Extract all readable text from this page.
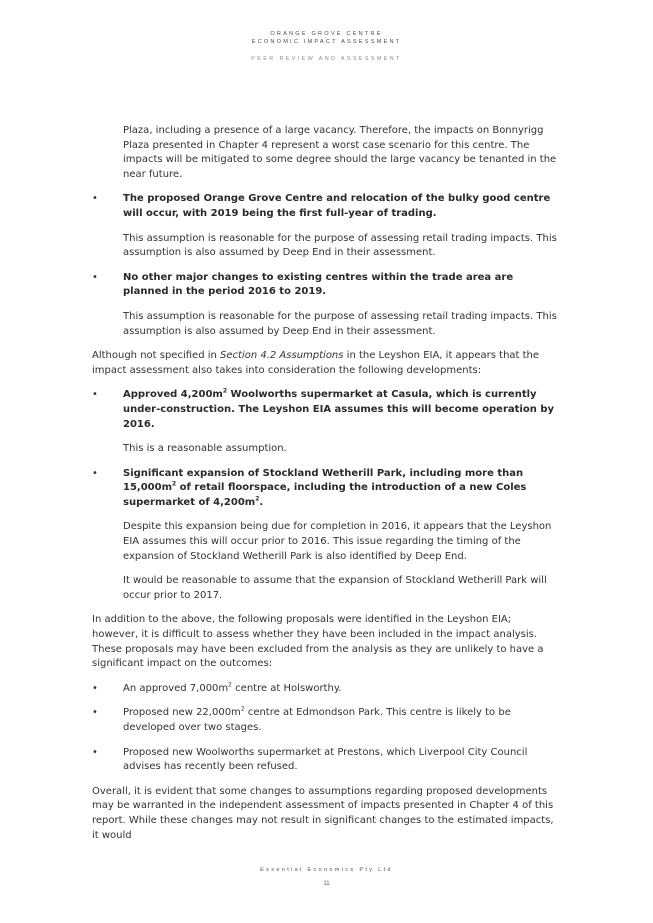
ORANGE GROVE CENTRE
ECONOMIC IMPACT ASSESSMENT
PEER REVIEW AND ASSESSMENT

Plaza, including a presence of a large vacancy. Therefore, the impacts on Bonnyrigg Plaza presented in Chapter 4 represent a worst case scenario for this centre. The impacts will be mitigated to some degree should the large vacancy be tenanted in the near future.

•	The proposed Orange Grove Centre and relocation of the bulky good centre will occur, with 2019 being the first full-year of trading.

This assumption is reasonable for the purpose of assessing retail trading impacts. This assumption is also assumed by Deep End in their assessment.

•	No other major changes to existing centres within the trade area are planned in the period 2016 to 2019.

This assumption is reasonable for the purpose of assessing retail trading impacts. This assumption is also assumed by Deep End in their assessment.

Although not specified in Section 4.2 Assumptions in the Leyshon EIA, it appears that the impact assessment also takes into consideration the following developments:

•	Approved $4,200m^2$ Woolworths supermarket at Casula, which is currently under-construction. The Leyshon EIA assumes this will become operation by 2016.

This is a reasonable assumption.

•	Significant expansion of Stockland Wetherill Park, including more than $15,000m^2$ of retail floorspace, including the introduction of a new Coles supermarket of $4,200m^2$.

Despite this expansion being due for completion in 2016, it appears that the Leyshon EIA assumes this will occur prior to 2016. This issue regarding the timing of the expansion of Stockland Wetherill Park is also identified by Deep End.

It would be reasonable to assume that the expansion of Stockland Wetherill Park will occur prior to 2017.

In addition to the above, the following proposals were identified in the Leyshon EIA; however, it is difficult to assess whether they have been included in the impact analysis. These proposals may have been excluded from the analysis as they are unlikely to have a significant impact on the outcomes:

•	An approved $7,000m^2$ centre at Holsworthy.
•	Proposed new $22,000m^2$ centre at Edmondson Park. This centre is likely to be developed over two stages.
•	Proposed new Woolworths supermarket at Prestons, which Liverpool City Council advises has recently been refused.

Overall, it is evident that some changes to assumptions regarding proposed developments may be warranted in the independent assessment of impacts presented in Chapter 4 of this report. While these changes may not result in significant changes to the estimated impacts, it would

Essential Economics Pty Ltd
11
